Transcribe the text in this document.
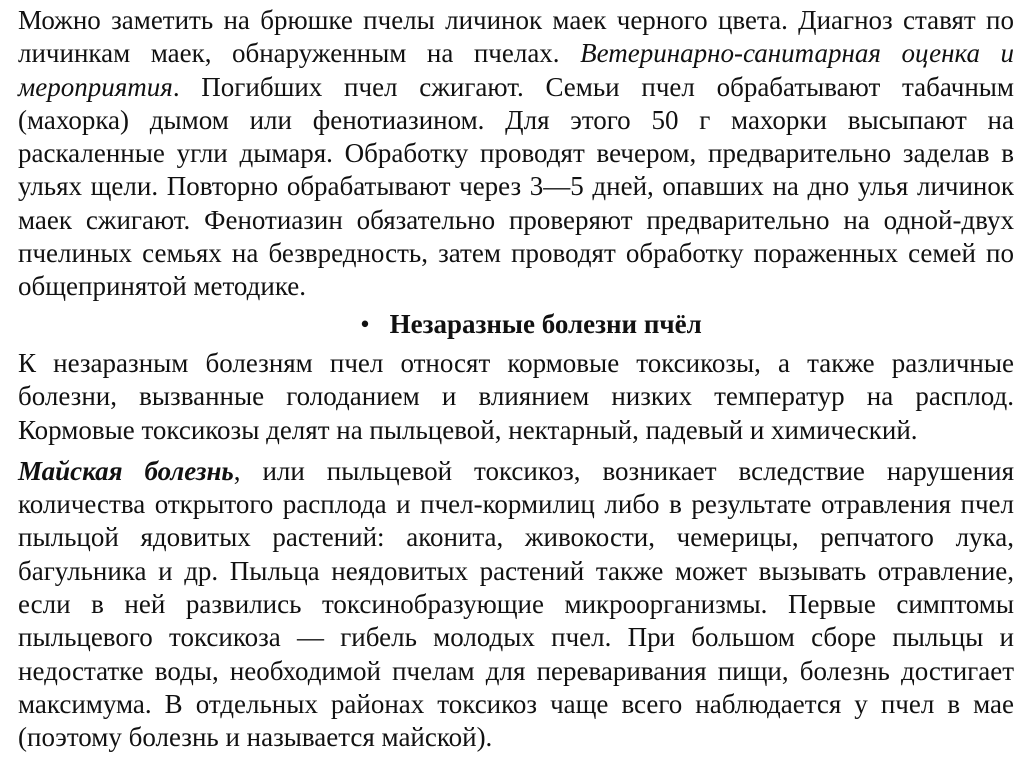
Можно заметить на брюшке пчелы личинок маек черного цвета. Диагноз ставят по личинкам маек, обнаруженным на пчелах. Ветеринарно-санитарная оценка и мероприятия. Погибших пчел сжигают. Семьи пчел обрабатывают табачным (махорка) дымом или фенотиазином. Для этого 50 г махорки высыпают на раскаленные угли дымаря. Обработку проводят вечером, предварительно заделав в ульях щели. Повторно обрабатывают через 3—5 дней, опавших на дно улья личинок маек сжигают. Фенотиазин обязательно проверяют предварительно на одной-двух пчелиных семьях на безвредность, затем проводят обработку пораженных семей по общепринятой методике.

• Незаразные болезни пчёл

К незаразным болезням пчел относят кормовые токсикозы, а также различные болезни, вызванные голоданием и влиянием низких температур на расплод. Кормовые токсикозы делят на пыльцевой, нектарный, падевый и химический.

Майская болезнь, или пыльцевой токсикоз, возникает вследствие нарушения количества открытого расплода и пчел-кормилиц либо в результате отравления пчел пыльцой ядовитых растений: аконита, живокости, чемерицы, репчатого лука, багульника и др. Пыльца неядовитых растений также может вызывать отравление, если в ней развились токсинобразующие микроорганизмы. Первые симптомы пыльцевого токсикоза — гибель молодых пчел. При большом сборе пыльцы и недостатке воды, необходимой пчелам для переваривания пищи, болезнь достигает максимума. В отдельных районах токсикоз чаще всего наблюдается у пчел в мае (поэтому болезнь и называется майской).
